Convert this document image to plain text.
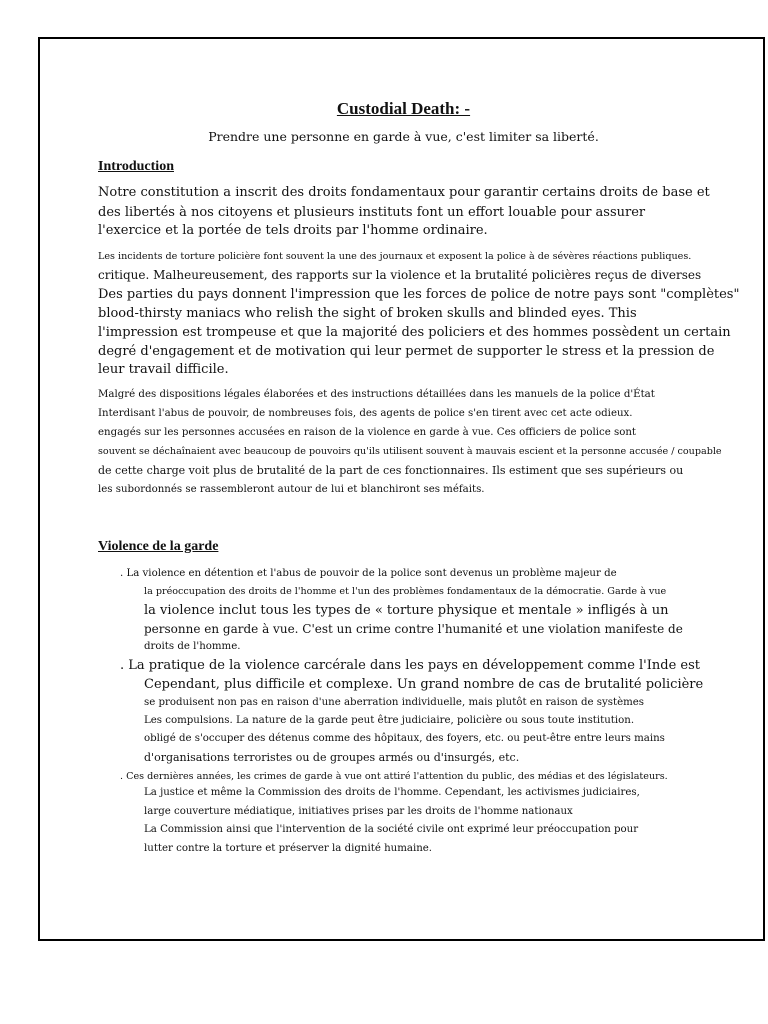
Custodial Death: -
Prendre une personne en garde à vue, c'est limiter sa liberté.
Introduction
Notre constitution a inscrit des droits fondamentaux pour garantir certains droits de base et
des libertés à nos citoyens et plusieurs instituts font un effort louable pour assurer
l'exercice et la portée de tels droits par l'homme ordinaire.
Les incidents de torture policière font souvent la une des journaux et exposent la police à de sévères réactions publiques.
critique. Malheureusement, des rapports sur la violence et la brutalité policières reçus de diverses
Des parties du pays donnent l'impression que les forces de police de notre pays sont "complètes"
blood-thirsty maniacs who relish the sight of broken skulls and blinded eyes. This
l'impression est trompeuse et que la majorité des policiers et des hommes possèdent un certain
degré d'engagement et de motivation qui leur permet de supporter le stress et la pression de
leur travail difficile.
Malgré des dispositions légales élaborées et des instructions détaillées dans les manuels de la police d'État
Interdisant l'abus de pouvoir, de nombreuses fois, des agents de police s'en tirent avec cet acte odieux.
engagés sur les personnes accusées en raison de la violence en garde à vue. Ces officiers de police sont
souvent se déchaînaient avec beaucoup de pouvoirs qu'ils utilisent souvent à mauvais escient et la personne accusée / coupable
de cette charge voit plus de brutalité de la part de ces fonctionnaires. Ils estiment que ses supérieurs ou
les subordonnés se rassembleront autour de lui et blanchiront ses méfaits.
Violence de la garde
. La violence en détention et l'abus de pouvoir de la police sont devenus un problème majeur de
la préoccupation des droits de l'homme et l'un des problèmes fondamentaux de la démocratie. Garde à vue
la violence inclut tous les types de « torture physique et mentale » infligés à un
personne en garde à vue. C'est un crime contre l'humanité et une violation manifeste de
droits de l'homme.
. La pratique de la violence carcérale dans les pays en développement comme l'Inde est
Cependant, plus difficile et complexe. Un grand nombre de cas de brutalité policière
se produisent non pas en raison d'une aberration individuelle, mais plutôt en raison de systèmes
Les compulsions. La nature de la garde peut être judiciaire, policière ou sous toute institution.
obligé de s'occuper des détenus comme des hôpitaux, des foyers, etc. ou peut-être entre leurs mains
d'organisations terroristes ou de groupes armés ou d'insurgés, etc.
. Ces dernières années, les crimes de garde à vue ont attiré l'attention du public, des médias et des législateurs.
La justice et même la Commission des droits de l'homme. Cependant, les activismes judiciaires,
large couverture médiatique, initiatives prises par les droits de l'homme nationaux
La Commission ainsi que l'intervention de la société civile ont exprimé leur préoccupation pour
lutter contre la torture et préserver la dignité humaine.
